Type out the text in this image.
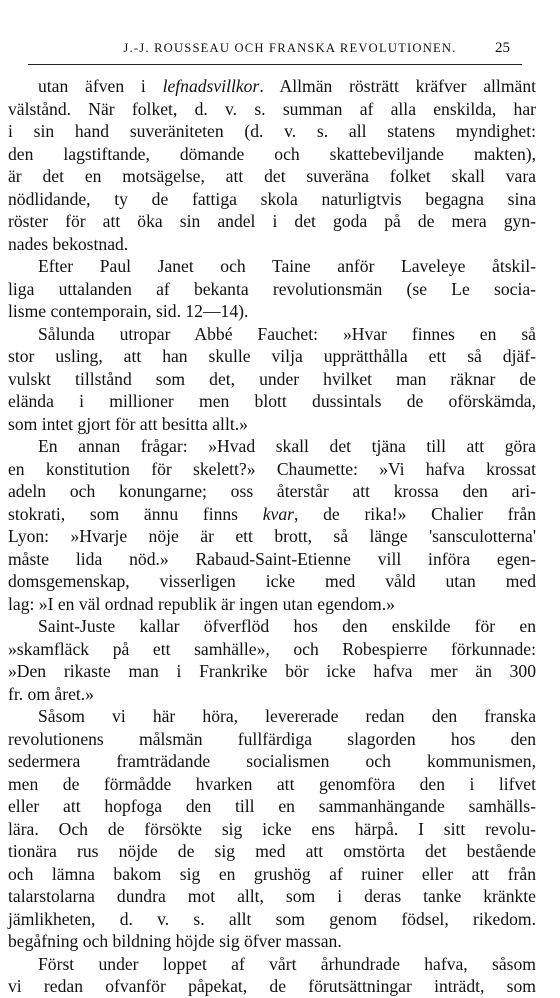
J.-J. ROUSSEAU OCH FRANSKA REVOLUTIONEN.	25
utan äfven i lefnadsvillkor. Allmän rösträtt kräfver allmänt
välstånd. När folket, d. v. s. summan af alla enskilda, har
i sin hand suveräniteten (d. v. s. all statens myndighet:
den lagstiftande, dömande och skattebeviljande makten),
är det en motsägelse, att det suveräna folket skall vara
nödlidande, ty de fattiga skola naturligtvis begagna sina
röster för att öka sin andel i det goda på de mera gyn-
nades bekostnad.
Efter Paul Janet och Taine anför Laveleye åtskil-
liga uttalanden af bekanta revolutionsmän (se Le socia-
lisme contemporain, sid. 12—14).
Sålunda utropar Abbé Fauchet: »Hvar finnes en så
stor usling, att han skulle vilja upprätthålla ett så djäf-
vulskt tillstånd som det, under hvilket man räknar de
elända i millioner men blott dussintals de oförskämda,
som intet gjort för att besitta allt.»
En annan frågar: »Hvad skall det tjäna till att göra
en konstitution för skelett?» Chaumette: »Vi hafva krossat
adeln och konungarne; oss återstår att krossa den ari-
stokrati, som ännu finns kvar, de rika!» Chalier från
Lyon: »Hvarje nöje är ett brott, så länge 'sansculotterna'
måste lida nöd.» Rabaud-Saint-Etienne vill införa egen-
domsgemenskap, visserligen icke med våld utan med
lag: »I en väl ordnad republik är ingen utan egendom.»
Saint-Juste kallar öfverflöd hos den enskilde för en
»skamfläck på ett samhälle», och Robespierre förkunnade:
»Den rikaste man i Frankrike bör icke hafva mer än 300
fr. om året.»
Såsom vi här höra, levererade redan den franska
revolutionens målsmän fullfärdiga slagorden hos den
sedermera framträdande socialismen och kommunismen,
men de förmådde hvarken att genomföra den i lifvet
eller att hopfoga den till en sammanhängande samhälls-
lära. Och de försökte sig icke ens härpå. I sitt revolu-
tionära rus nöjde de sig med att omstörta det bestående
och lämna bakom sig en grushög af ruiner eller att från
talarstolarna dundra mot allt, som i deras tanke kränkte
jämlikheten, d. v. s. allt som genom födsel, rikedom.
begåfning och bildning höjde sig öfver massan.
Först under loppet af vårt århundrade hafva, såsom
vi redan ofvanför påpekat, de förutsättningar inträdt, som
